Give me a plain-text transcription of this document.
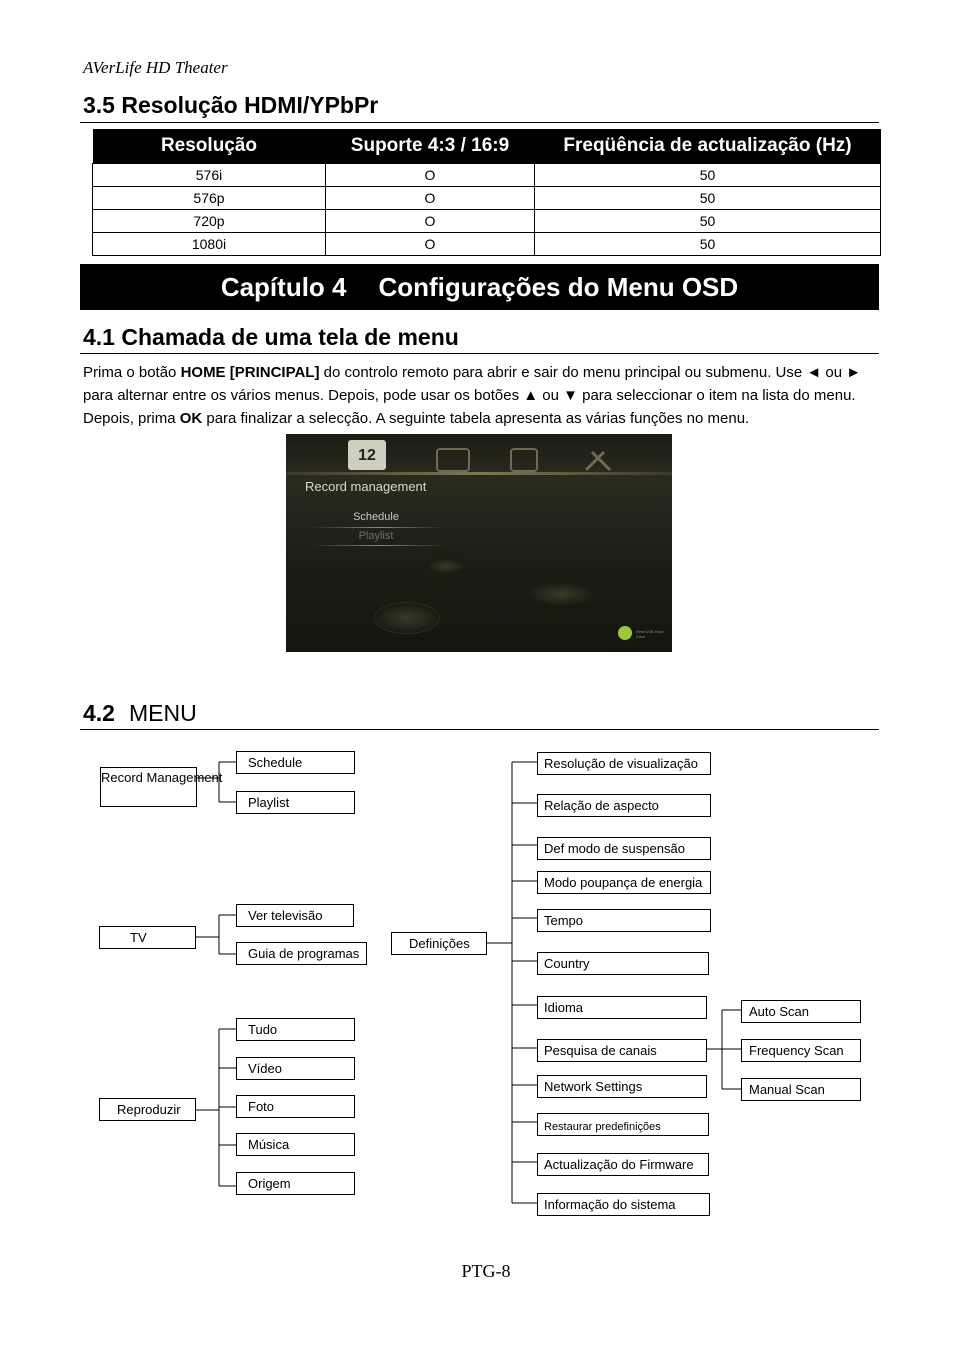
AVerLife HD Theater
3.5 Resolução HDMI/YPbPr
Resolução	Suporte 4:3 / 16:9	Freqüência de actualização (Hz)
576i	O	50
576p	O	50
720p	O	50
1080i	O	50
Capítulo 4 Configurações do Menu OSD
4.1 Chamada de uma tela de menu
Prima o botão HOME [PRINCIPAL] do controlo remoto para abrir e sair do menu principal ou submenu. Use ◄ ou ► para alternar entre os vários menus. Depois, pode usar os botões ▲ ou ▼ para seleccionar o item na lista do menu. Depois, prima OK para finalizar a selecção. A seguinte tabela apresenta as várias funções no menu.
12
Record management
Schedule
Playlist
Rest USB Hard Drive
4.2 MENU
Record Management
Schedule
Playlist
TV
Ver televisão
Guia de programas
Reproduzir
Tudo
Vídeo
Foto
Música
Origem
Definições
Resolução de visualização
Relação de aspecto
Def modo de suspensão
Modo poupança de energia
Tempo
Country
Idioma
Pesquisa de canais
Network Settings
Restaurar predefinições
Actualização do Firmware
Informação do sistema
Auto Scan
Frequency Scan
Manual Scan
PTG-8
